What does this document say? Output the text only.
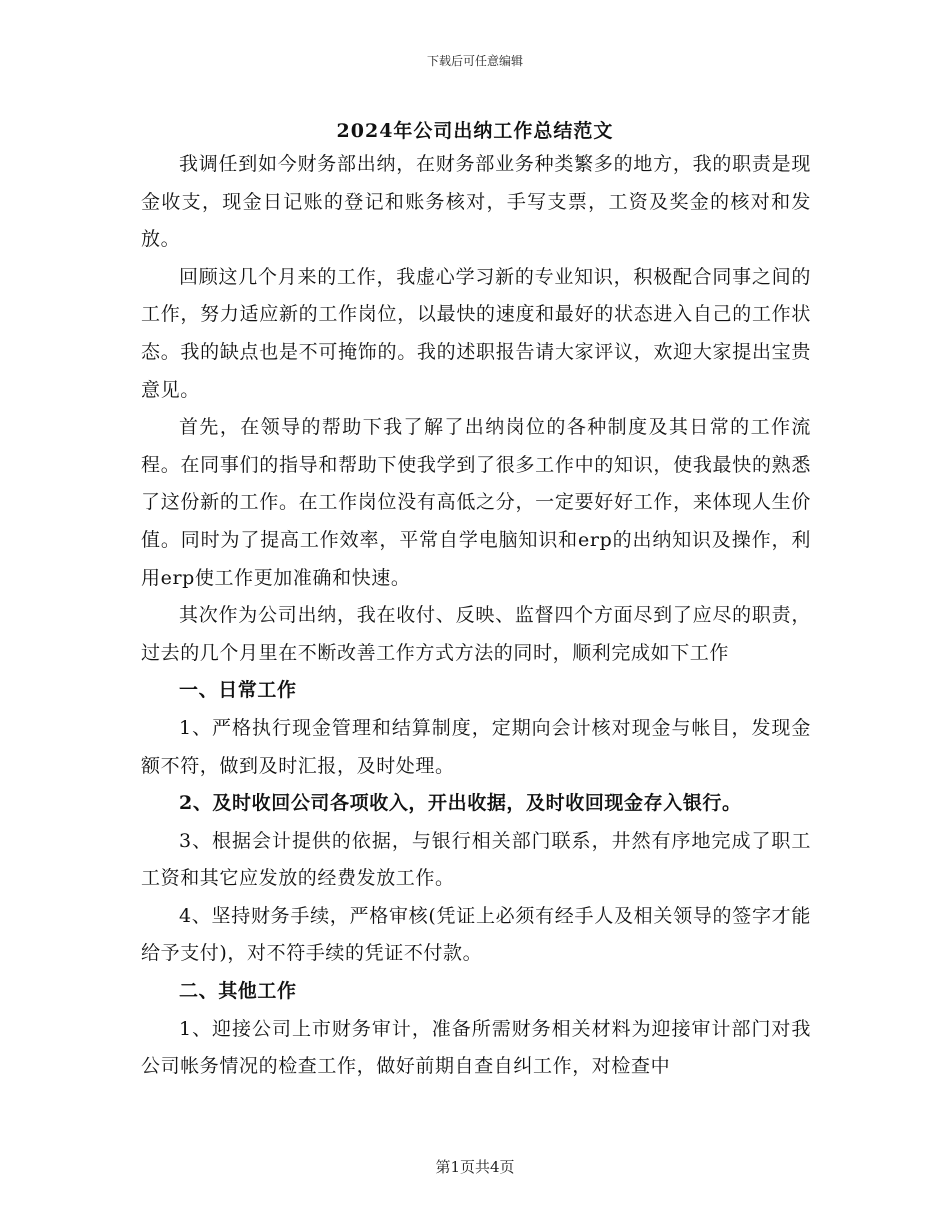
下载后可任意编辑
2024年公司出纳工作总结范文

我调任到如今财务部出纳，在财务部业务种类繁多的地方，我的职责是现金收支，现金日记账的登记和账务核对，手写支票，工资及奖金的核对和发放。

回顾这几个月来的工作，我虚心学习新的专业知识，积极配合同事之间的工作，努力适应新的工作岗位，以最快的速度和最好的状态进入自己的工作状态。我的缺点也是不可掩饰的。我的述职报告请大家评议，欢迎大家提出宝贵意见。

首先，在领导的帮助下我了解了出纳岗位的各种制度及其日常的工作流程。在同事们的指导和帮助下使我学到了很多工作中的知识，使我最快的熟悉了这份新的工作。在工作岗位没有高低之分，一定要好好工作，来体现人生价值。同时为了提高工作效率，平常自学电脑知识和erp的出纳知识及操作，利用erp使工作更加准确和快速。

其次作为公司出纳，我在收付、反映、监督四个方面尽到了应尽的职责，过去的几个月里在不断改善工作方式方法的同时，顺利完成如下工作

一、日常工作

1、严格执行现金管理和结算制度，定期向会计核对现金与帐目，发现金额不符，做到及时汇报，及时处理。

2、及时收回公司各项收入，开出收据，及时收回现金存入银行。

3、根据会计提供的依据，与银行相关部门联系，井然有序地完成了职工工资和其它应发放的经费发放工作。

4、坚持财务手续，严格审核(凭证上必须有经手人及相关领导的签字才能给予支付)，对不符手续的凭证不付款。

二、其他工作

1、迎接公司上市财务审计，准备所需财务相关材料为迎接审计部门对我公司帐务情况的检查工作，做好前期自查自纠工作，对检查中

第1页共4页
